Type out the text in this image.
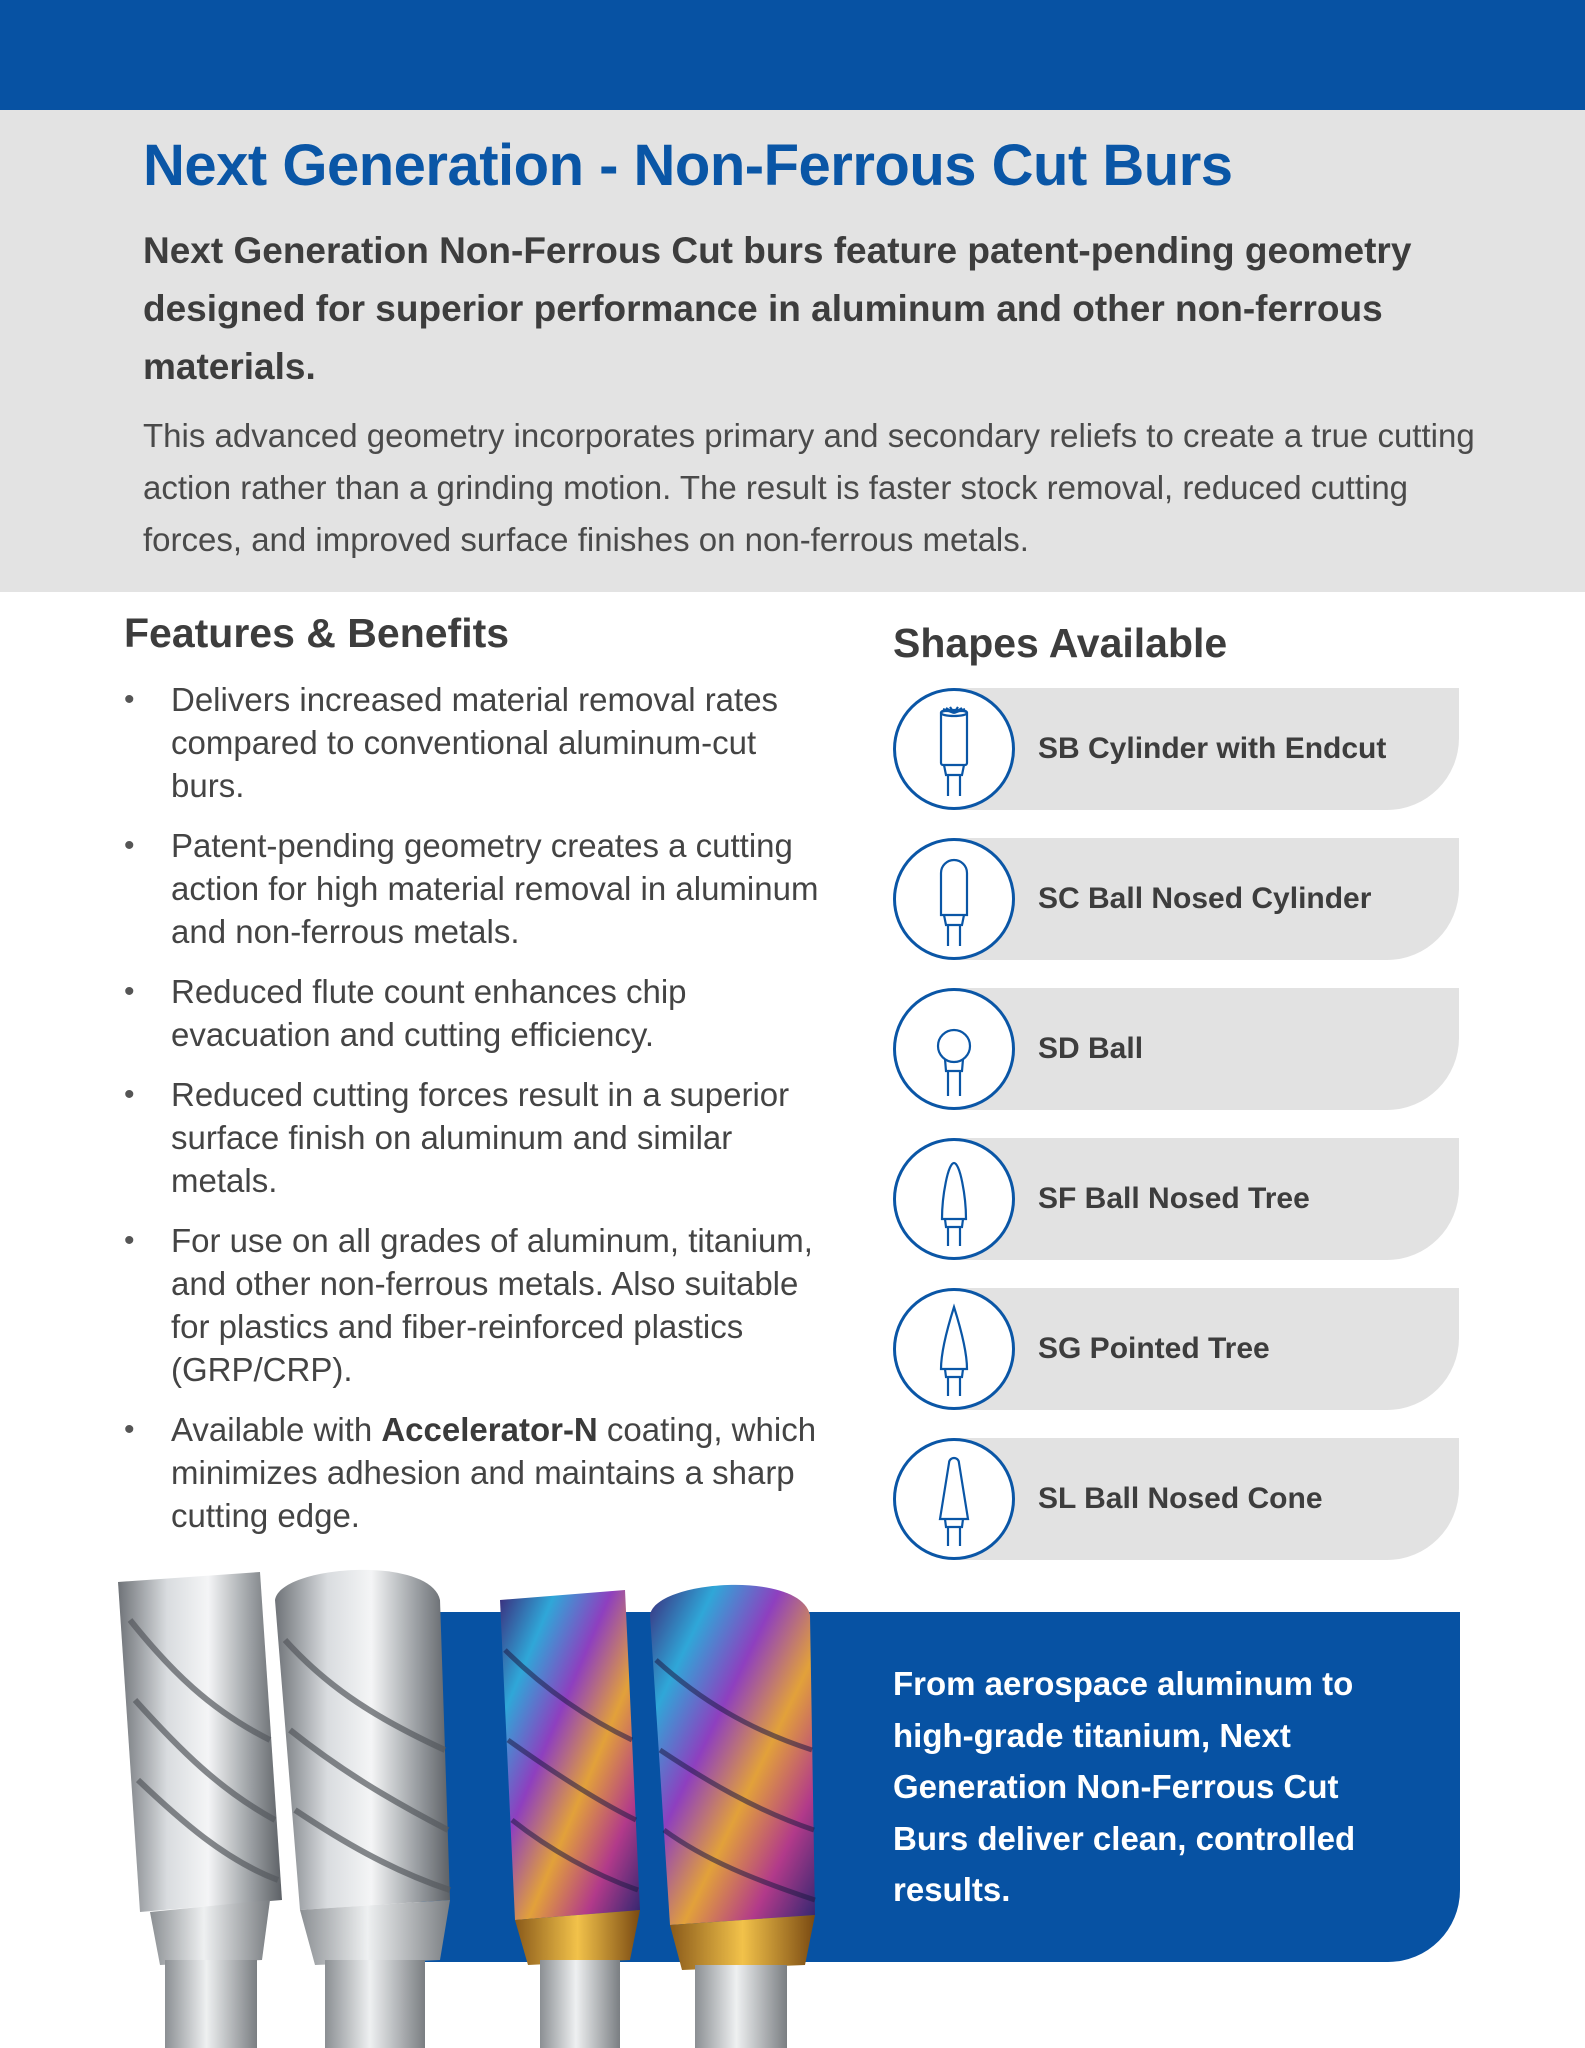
Next Generation - Non-Ferrous Cut Burs

Next Generation Non-Ferrous Cut burs feature patent-pending geometry designed for superior performance in aluminum and other non-ferrous materials.

This advanced geometry incorporates primary and secondary reliefs to create a true cutting action rather than a grinding motion. The result is faster stock removal, reduced cutting forces, and improved surface finishes on non-ferrous metals.

Features & Benefits
• Delivers increased material removal rates compared to conventional aluminum-cut burs.
• Patent-pending geometry creates a cutting action for high material removal in aluminum and non-ferrous metals.
• Reduced flute count enhances chip evacuation and cutting efficiency.
• Reduced cutting forces result in a superior surface finish on aluminum and similar metals.
• For use on all grades of aluminum, titanium, and other non-ferrous metals. Also suitable for plastics and fiber-reinforced plastics (GRP/CRP).
• Available with Accelerator-N coating, which minimizes adhesion and maintains a sharp cutting edge.
Shapes Available
SB Cylinder with Endcut
SC Ball Nosed Cylinder
SD Ball
SF Ball Nosed Tree
SG Pointed Tree
SL Ball Nosed Cone

From aerospace aluminum to high-grade titanium, Next Generation Non-Ferrous Cut Burs deliver clean, controlled results.
